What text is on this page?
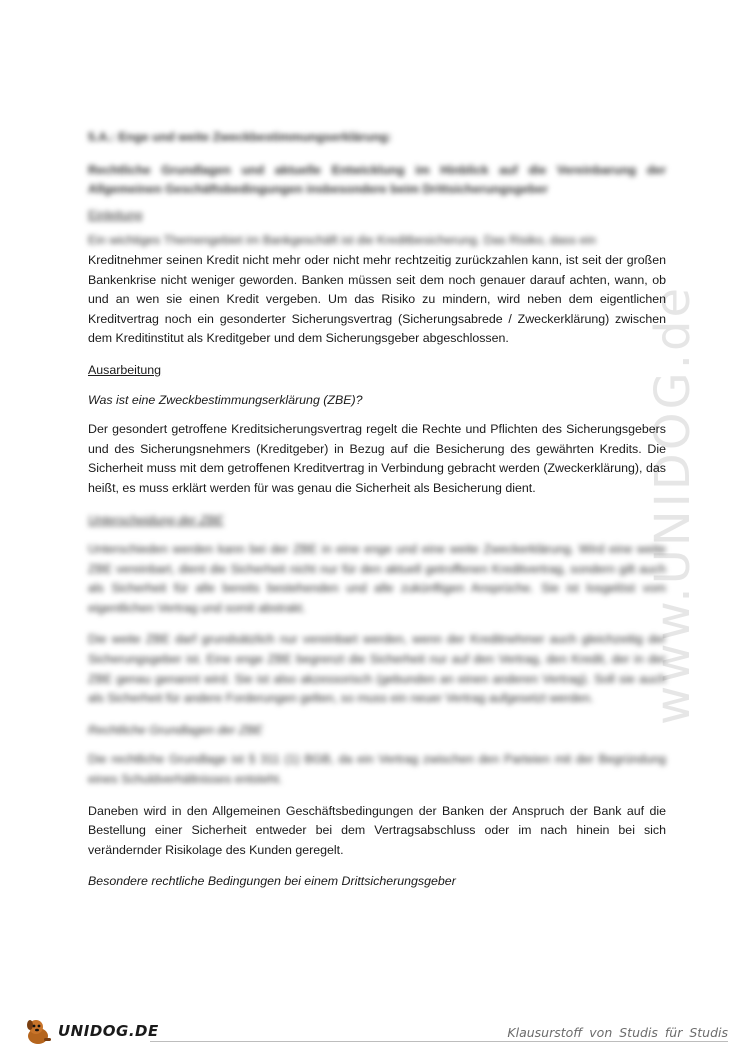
www.UNIDOG.de

5.A.: Enge und weite Zweckbestimmungserklärung:

Rechtliche Grundlagen und aktuelle Entwicklung im Hinblick auf die Vereinbarung der Allgemeinen Geschäftsbedingungen insbesondere beim Drittsicherungsgeber

Einleitung

Ein wichtiges Themengebiet im Bankgeschäft ist die Kreditbesicherung. Das Risiko, dass ein

Kreditnehmer seinen Kredit nicht mehr oder nicht mehr rechtzeitig zurückzahlen kann, ist seit der großen Bankenkrise nicht weniger geworden. Banken müssen seit dem noch genauer darauf achten, wann, ob und an wen sie einen Kredit vergeben. Um das Risiko zu mindern, wird neben dem eigentlichen Kreditvertrag noch ein gesonderter Sicherungsvertrag (Sicherungsabrede / Zweckerklärung) zwischen dem Kreditinstitut als Kreditgeber und dem Sicherungsgeber abgeschlossen.

Ausarbeitung

Was ist eine Zweckbestimmungserklärung (ZBE)?

Der gesondert getroffene Kreditsicherungsvertrag regelt die Rechte und Pflichten des Sicherungsgebers und des Sicherungsnehmers (Kreditgeber) in Bezug auf die Besicherung des gewährten Kredits. Die Sicherheit muss mit dem getroffenen Kreditvertrag in Verbindung gebracht werden (Zweckerklärung), das heißt, es muss erklärt werden für was genau die Sicherheit als Besicherung dient.

Unterscheidung der ZBE

Unterschieden werden kann bei der ZBE in eine enge und eine weite Zweckerklärung. Wird eine weite ZBE vereinbart, dient die Sicherheit nicht nur für den aktuell getroffenen Kreditvertrag, sondern gilt auch als Sicherheit für alle bereits bestehenden und alle zukünftigen Ansprüche. Sie ist losgelöst vom eigentlichen Vertrag und somit abstrakt.

Die weite ZBE darf grundsätzlich nur vereinbart werden, wenn der Kreditnehmer auch gleichzeitig der Sicherungsgeber ist. Eine enge ZBE begrenzt die Sicherheit nur auf den Vertrag, den Kredit, der in der ZBE genau genannt wird. Sie ist also akzessorisch (gebunden an einen anderen Vertrag). Soll sie auch als Sicherheit für andere Forderungen gelten, so muss ein neuer Vertrag aufgesetzt werden.

Rechtliche Grundlagen der ZBE

Die rechtliche Grundlage ist § 311 (1) BGB, da ein Vertrag zwischen den Parteien mit der Begründung eines Schuldverhältnisses entsteht.

Daneben wird in den Allgemeinen Geschäftsbedingungen der Banken der Anspruch der Bank auf die Bestellung einer Sicherheit entweder bei dem Vertragsabschluss oder im nach hinein bei sich verändernder Risikolage des Kunden geregelt.

Besondere rechtliche Bedingungen bei einem Drittsicherungsgeber

UNIDOG.DE	Klausurstoff von Studis für Studis
